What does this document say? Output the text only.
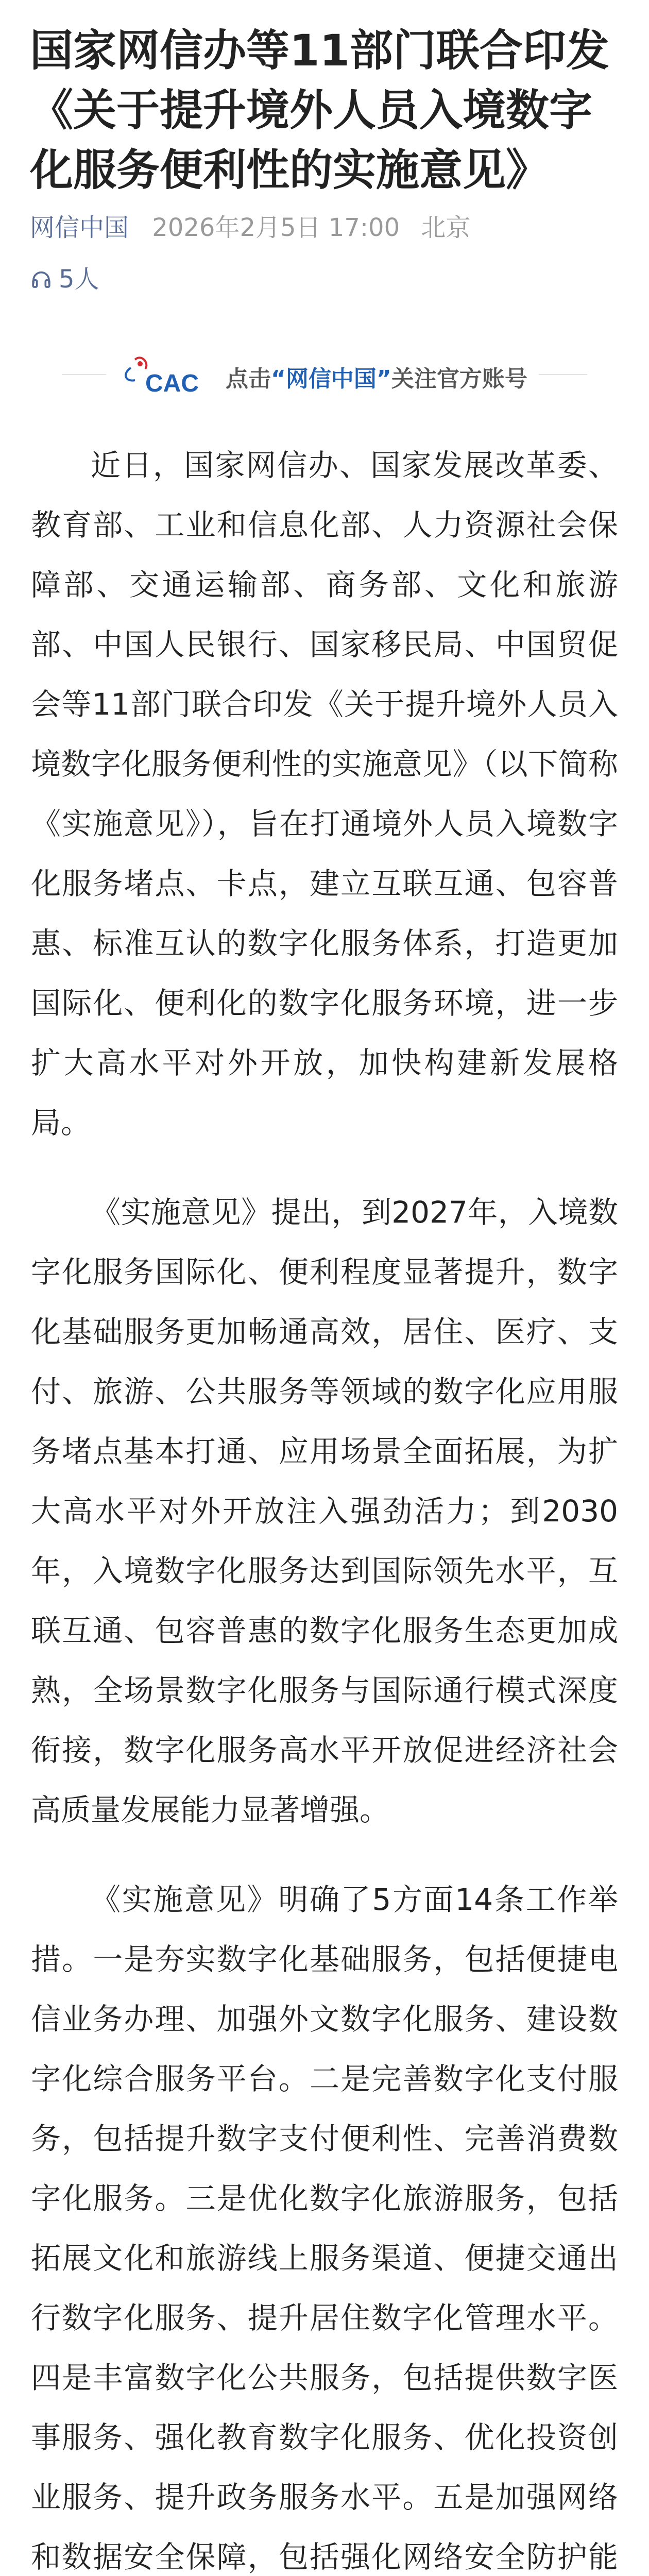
国家网信办等11部门联合印发《关于提升境外人员入境数字化服务便利性的实施意见》
网信中国 2026年2月5日 17:00 北京
5人
CAC 点击“网信中国”关注官方账号

近日，国家网信办、国家发展改革委、教育部、工业和信息化部、人力资源社会保障部、交通运输部、商务部、文化和旅游部、中国人民银行、国家移民局、中国贸促会等11部门联合印发《关于提升境外人员入境数字化服务便利性的实施意见》（以下简称《实施意见》），旨在打通境外人员入境数字化服务堵点、卡点，建立互联互通、包容普惠、标准互认的数字化服务体系，打造更加国际化、便利化的数字化服务环境，进一步扩大高水平对外开放，加快构建新发展格局。

《实施意见》提出，到2027年，入境数字化服务国际化、便利程度显著提升，数字化基础服务更加畅通高效，居住、医疗、支付、旅游、公共服务等领域的数字化应用服务堵点基本打通、应用场景全面拓展，为扩大高水平对外开放注入强劲活力；到2030年，入境数字化服务达到国际领先水平，互联互通、包容普惠的数字化服务生态更加成熟，全场景数字化服务与国际通行模式深度衔接，数字化服务高水平开放促进经济社会高质量发展能力显著增强。

《实施意见》明确了5方面14条工作举措。一是夯实数字化基础服务，包括便捷电信业务办理、加强外文数字化服务、建设数字化综合服务平台。二是完善数字化支付服务，包括提升数字支付便利性、完善消费数字化服务。三是优化数字化旅游服务，包括拓展文化和旅游线上服务渠道、便捷交通出行数字化服务、提升居住数字化管理水平。四是丰富数字化公共服务，包括提供数字医事服务、强化教育数字化服务、优化投资创业服务、提升政务服务水平。五是加强网络和数据安全保障，包括强化网络安全防护能
